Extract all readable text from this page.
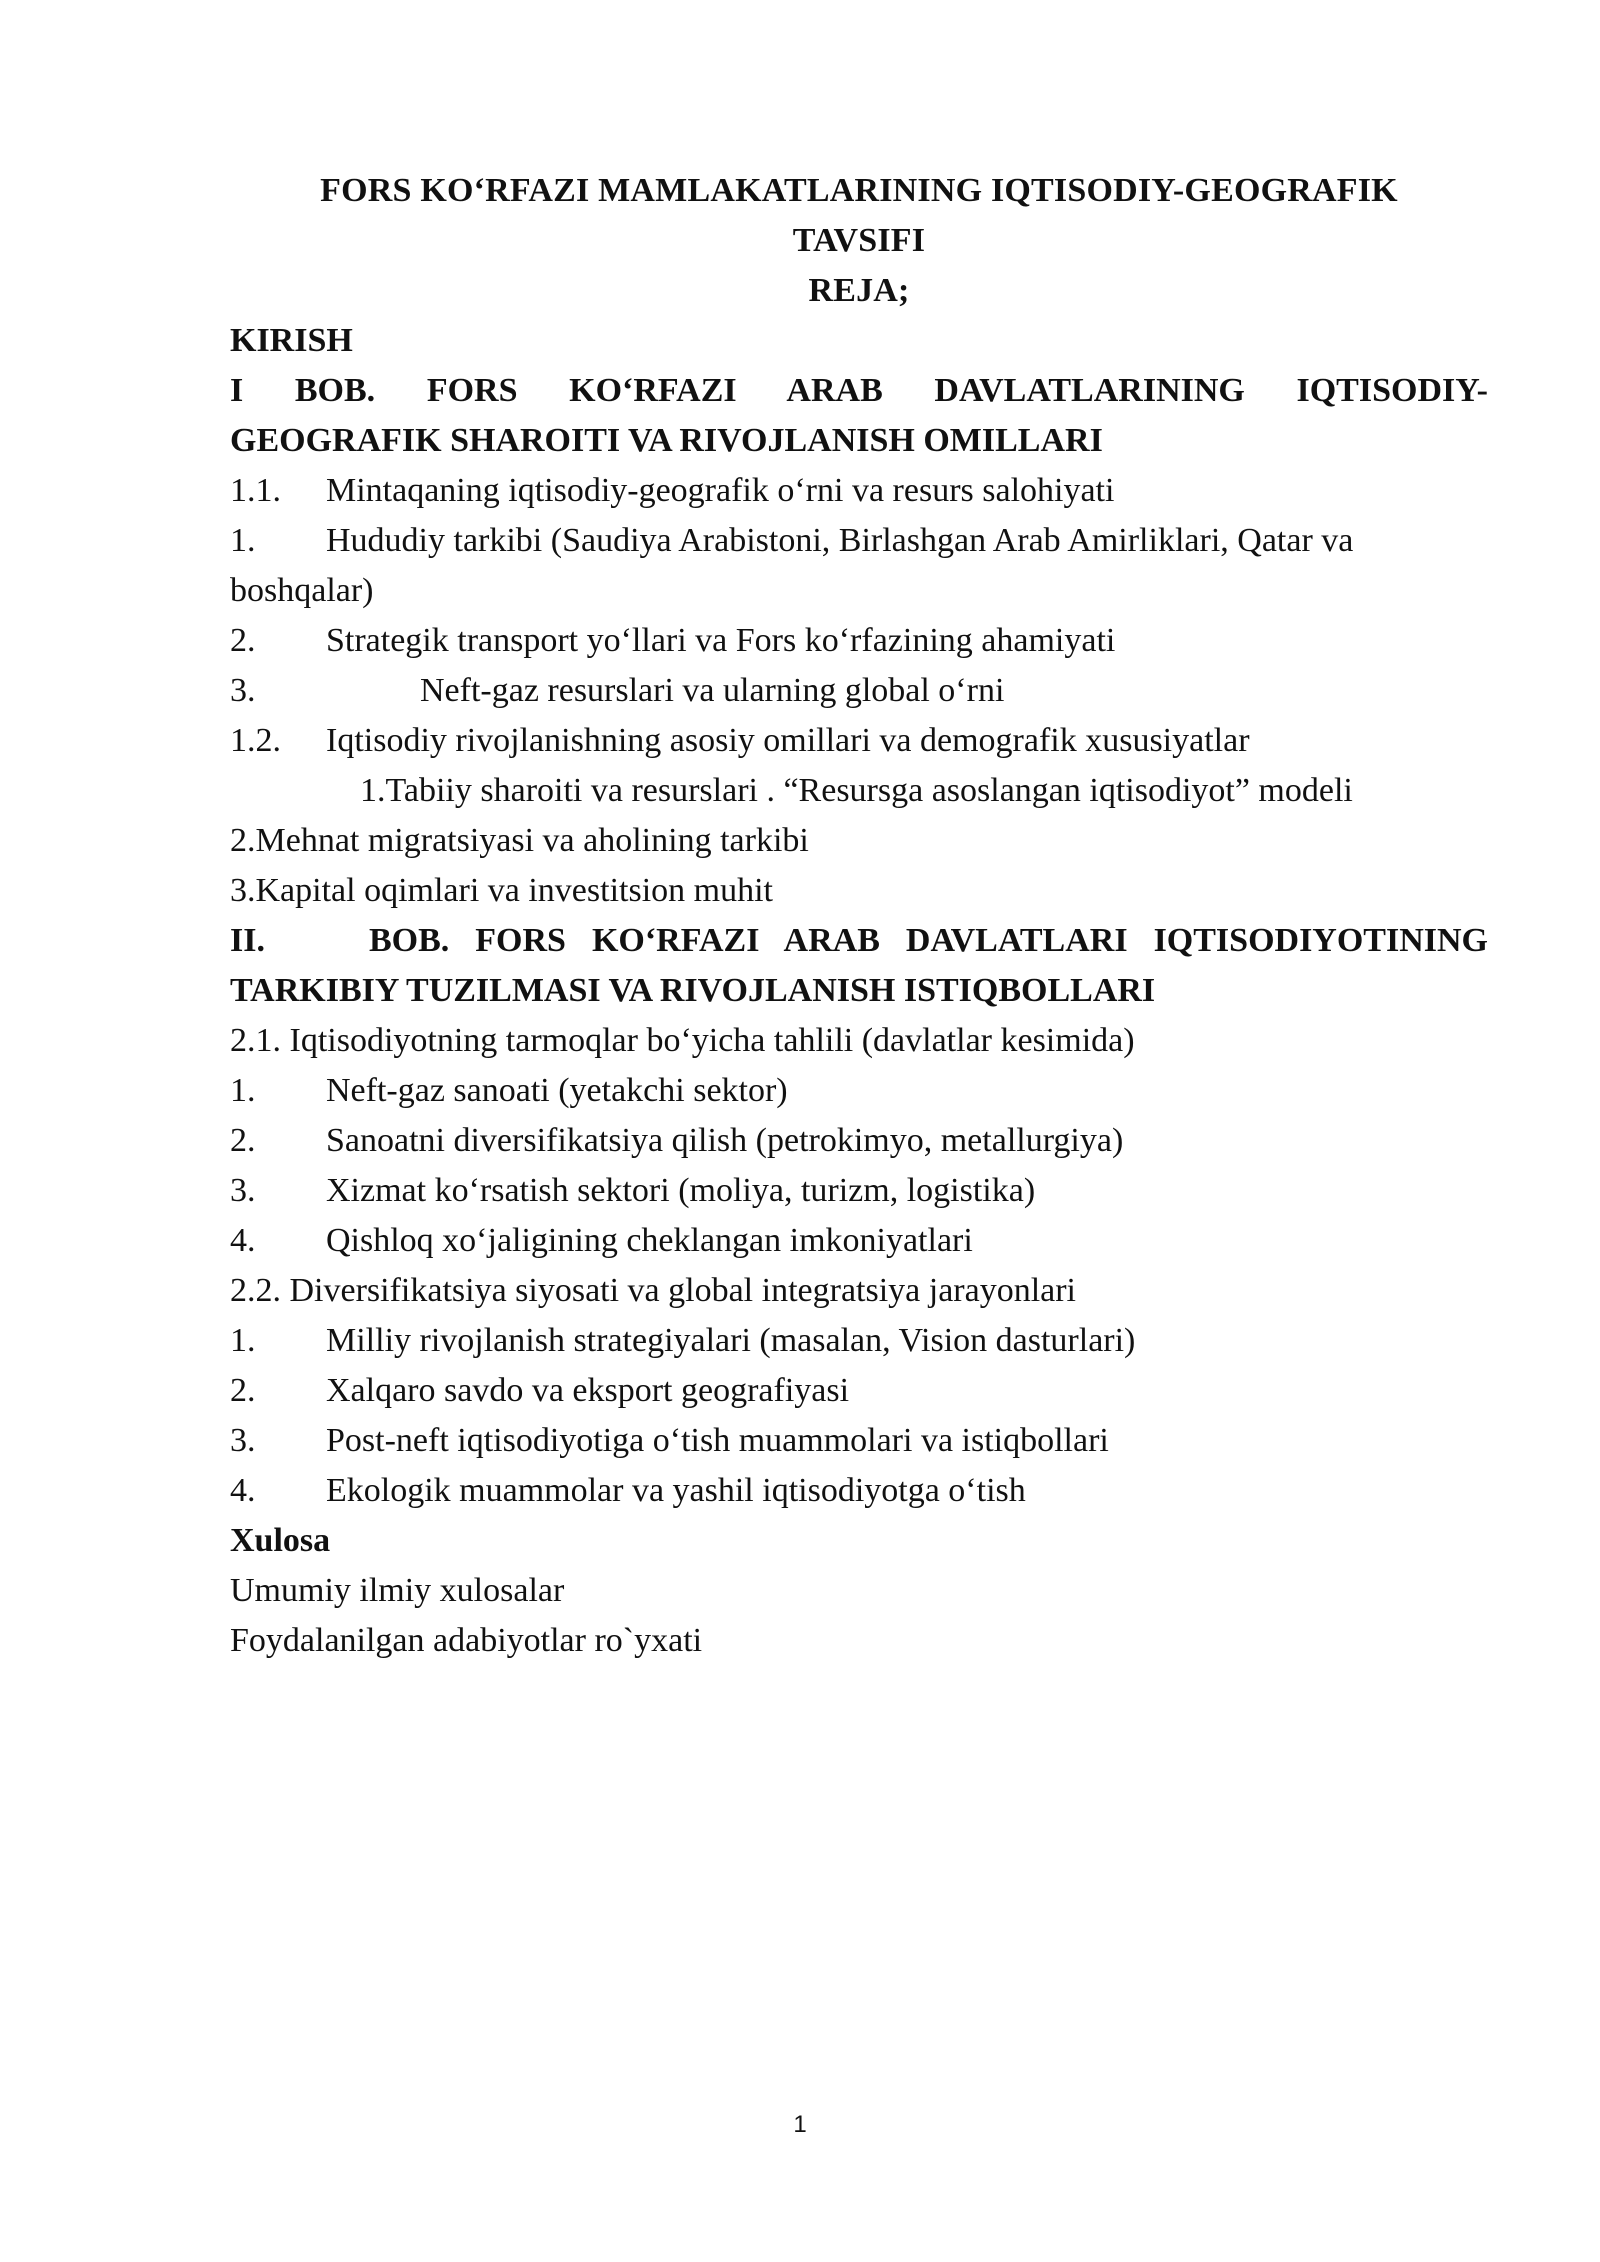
FORS KO‘RFAZI MAMLAKATLARINING IQTISODIY-GEOGRAFIK
TAVSIFI
REJA;
KIRISH
I BOB. FORS KO‘RFAZI ARAB DAVLATLARINING IQTISODIY-
GEOGRAFIK SHAROITI VA RIVOJLANISH OMILLARI
1.1. Mintaqaning iqtisodiy-geografik o‘rni va resurs salohiyati
1. Hududiy tarkibi (Saudiya Arabistoni, Birlashgan Arab Amirliklari, Qatar va
boshqalar)
2. Strategik transport yo‘llari va Fors ko‘rfazining ahamiyati
3.	Neft-gaz resurslari va ularning global o‘rni
1.2. Iqtisodiy rivojlanishning asosiy omillari va demografik xususiyatlar
1.Tabiiy sharoiti va resurslari . “Resursga asoslangan iqtisodiyot” modeli
2.Mehnat migratsiyasi va aholining tarkibi
3.Kapital oqimlari va investitsion muhit
II.    BOB. FORS KO‘RFAZI ARAB DAVLATLARI IQTISODIYOTINING
TARKIBIY TUZILMASI VA RIVOJLANISH ISTIQBOLLARI
2.1. Iqtisodiyotning tarmoqlar bo‘yicha tahlili (davlatlar kesimida)
1. Neft-gaz sanoati (yetakchi sektor)
2. Sanoatni diversifikatsiya qilish (petrokimyo, metallurgiya)
3. Xizmat ko‘rsatish sektori (moliya, turizm, logistika)
4. Qishloq xo‘jaligining cheklangan imkoniyatlari
2.2. Diversifikatsiya siyosati va global integratsiya jarayonlari
1. Milliy rivojlanish strategiyalari (masalan, Vision dasturlari)
2. Xalqaro savdo va eksport geografiyasi
3. Post-neft iqtisodiyotiga o‘tish muammolari va istiqbollari
4. Ekologik muammolar va yashil iqtisodiyotga o‘tish
Xulosa
Umumiy ilmiy xulosalar
Foydalanilgan adabiyotlar ro`yxati
1
